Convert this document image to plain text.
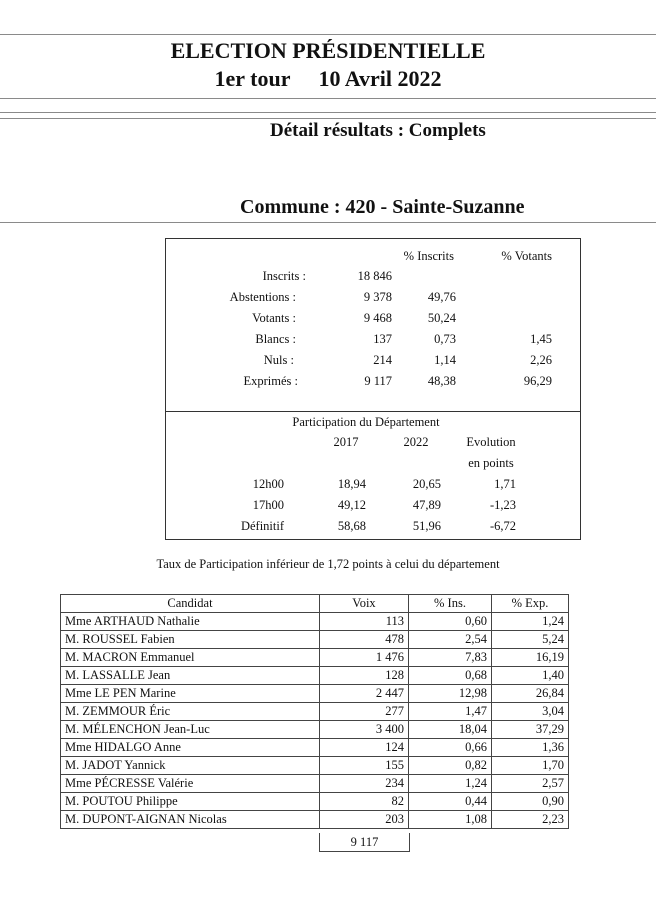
ELECTION PRÉSIDENTIELLE
1er tour 10 Avril 2022
Détail résultats : Complets
Commune : 420 - Sainte-Suzanne
% Inscrits	% Votants
Inscrits :	18 846
Abstentions :	9 378	49,76
Votants :	9 468	50,24
Blancs :	137	0,73	1,45
Nuls :	214	1,14	2,26
Exprimés :	9 117	48,38	96,29
Participation du Département
2017	2022	Evolution
en points
12h00	18,94	20,65	1,71
17h00	49,12	47,89	-1,23
Définitif	58,68	51,96	-6,72
Taux de Participation inférieur de 1,72 points à celui du département
Candidat	Voix	% Ins.	% Exp.
Mme ARTHAUD Nathalie	113	0,60	1,24
M. ROUSSEL Fabien	478	2,54	5,24
M. MACRON Emmanuel	1 476	7,83	16,19
M. LASSALLE Jean	128	0,68	1,40
Mme LE PEN Marine	2 447	12,98	26,84
M. ZEMMOUR Éric	277	1,47	3,04
M. MÉLENCHON Jean-Luc	3 400	18,04	37,29
Mme HIDALGO Anne	124	0,66	1,36
M. JADOT Yannick	155	0,82	1,70
Mme PÉCRESSE Valérie	234	1,24	2,57
M. POUTOU Philippe	82	0,44	0,90
M. DUPONT-AIGNAN Nicolas	203	1,08	2,23
9 117
